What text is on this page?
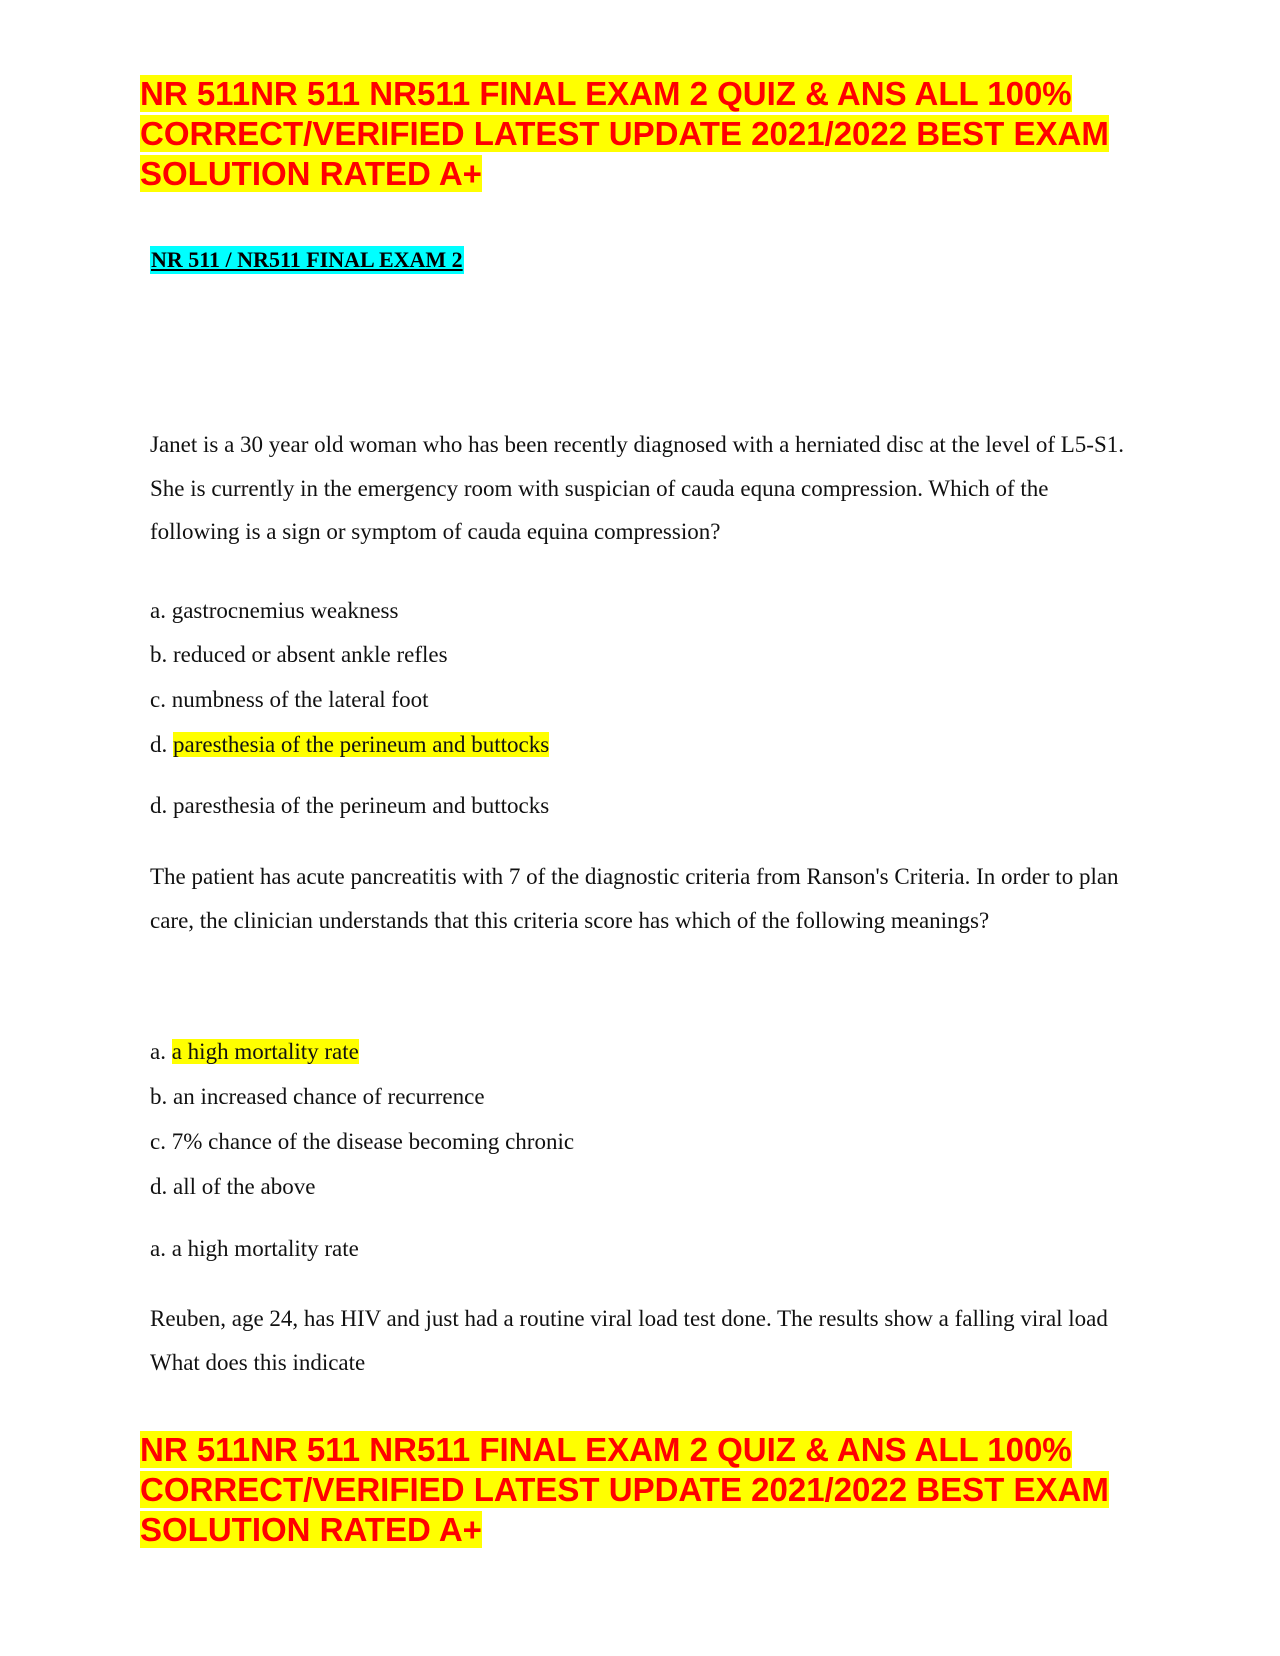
NR 511NR 511 NR511 FINAL EXAM 2 QUIZ & ANS ALL 100%
CORRECT/VERIFIED LATEST UPDATE 2021/2022 BEST EXAM
SOLUTION RATED A+
NR 511 / NR511 FINAL EXAM 2

Janet is a 30 year old woman who has been recently diagnosed with a herniated disc at the level of L5-S1. She is currently in the emergency room with suspician of cauda equna compression. Which of the following is a sign or symptom of cauda equina compression?

a. gastrocnemius weakness

b. reduced or absent ankle refles

c. numbness of the lateral foot

d. paresthesia of the perineum and buttocks

d. paresthesia of the perineum and buttocks

The patient has acute pancreatitis with 7 of the diagnostic criteria from Ranson's Criteria. In order to plan care, the clinician understands that this criteria score has which of the following meanings?

a. a high mortality rate

b. an increased chance of recurrence

c. 7% chance of the disease becoming chronic

d. all of the above

a. a high mortality rate

Reuben, age 24, has HIV and just had a routine viral load test done. The results show a falling viral load What does this indicate

NR 511NR 511 NR511 FINAL EXAM 2 QUIZ & ANS ALL 100%
CORRECT/VERIFIED LATEST UPDATE 2021/2022 BEST EXAM
SOLUTION RATED A+
